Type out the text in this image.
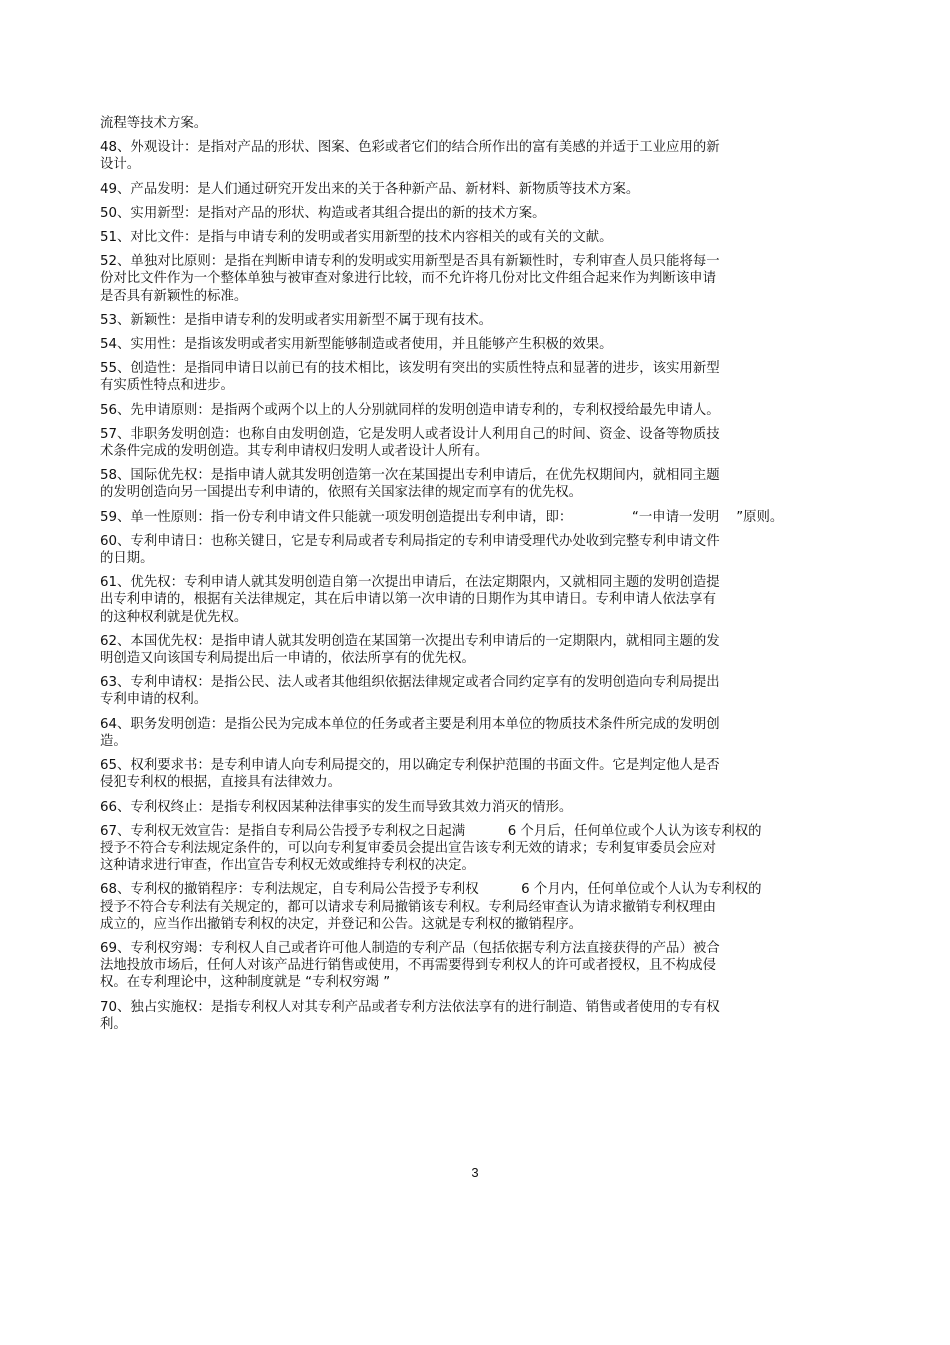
流程等技术方案。
48、外观设计：是指对产品的形状、图案、色彩或者它们的结合所作出的富有美感的并适于工业应用的新
设计。
49、产品发明：是人们通过研究开发出来的关于各种新产品、新材料、新物质等技术方案。
50、实用新型：是指对产品的形状、构造或者其组合提出的新的技术方案。
51、对比文件：是指与申请专利的发明或者实用新型的技术内容相关的或有关的文献。
52、单独对比原则：是指在判断申请专利的发明或实用新型是否具有新颖性时，专利审查人员只能将每一
份对比文件作为一个整体单独与被审查对象进行比较，而不允许将几份对比文件组合起来作为判断该申请
是否具有新颖性的标准。
53、新颖性：是指申请专利的发明或者实用新型不属于现有技术。
54、实用性：是指该发明或者实用新型能够制造或者使用，并且能够产生积极的效果。
55、创造性：是指同申请日以前已有的技术相比，该发明有突出的实质性特点和显著的进步，该实用新型
有实质性特点和进步。
56、先申请原则：是指两个或两个以上的人分别就同样的发明创造申请专利的，专利权授给最先申请人。
57、非职务发明创造：也称自由发明创造，它是发明人或者设计人利用自己的时间、资金、设备等物质技
术条件完成的发明创造。其专利申请权归发明人或者设计人所有。
58、国际优先权：是指申请人就其发明创造第一次在某国提出专利申请后，在优先权期间内，就相同主题
的发明创造向另一国提出专利申请的，依照有关国家法律的规定而享有的优先权。
59、单一性原则：指一份专利申请文件只能就一项发明创造提出专利申请，即：              “一申请一发明    ”原则。
60、专利申请日：也称关键日，它是专利局或者专利局指定的专利申请受理代办处收到完整专利申请文件
的日期。
61、优先权：专利申请人就其发明创造自第一次提出申请后，在法定期限内，又就相同主题的发明创造提
出专利申请的，根据有关法律规定，其在后申请以第一次申请的日期作为其申请日。专利申请人依法享有
的这种权利就是优先权。
62、本国优先权：是指申请人就其发明创造在某国第一次提出专利申请后的一定期限内，就相同主题的发
明创造又向该国专利局提出后一申请的，依法所享有的优先权。
63、专利申请权：是指公民、法人或者其他组织依据法律规定或者合同约定享有的发明创造向专利局提出
专利申请的权利。
64、职务发明创造：是指公民为完成本单位的任务或者主要是利用本单位的物质技术条件所完成的发明创
造。
65、权利要求书：是专利申请人向专利局提交的，用以确定专利保护范围的书面文件。它是判定他人是否
侵犯专利权的根据，直接具有法律效力。
66、专利权终止：是指专利权因某种法律事实的发生而导致其效力消灭的情形。
67、专利权无效宣告：是指自专利局公告授予专利权之日起满          6 个月后，任何单位或个人认为该专利权的
授予不符合专利法规定条件的，可以向专利复审委员会提出宣告该专利无效的请求；专利复审委员会应对
这种请求进行审查，作出宣告专利权无效或维持专利权的决定。
68、专利权的撤销程序：专利法规定，自专利局公告授予专利权          6 个月内，任何单位或个人认为专利权的
授予不符合专利法有关规定的，都可以请求专利局撤销该专利权。专利局经审查认为请求撤销专利权理由
成立的，应当作出撤销专利权的决定，并登记和公告。这就是专利权的撤销程序。
69、专利权穷竭：专利权人自己或者许可他人制造的专利产品（包括依据专利方法直接获得的产品）被合
法地投放市场后，任何人对该产品进行销售或使用，不再需要得到专利权人的许可或者授权，且不构成侵
权。在专利理论中，这种制度就是 “专利权穷竭 ”
70、独占实施权：是指专利权人对其专利产品或者专利方法依法享有的进行制造、销售或者使用的专有权
利。
3
